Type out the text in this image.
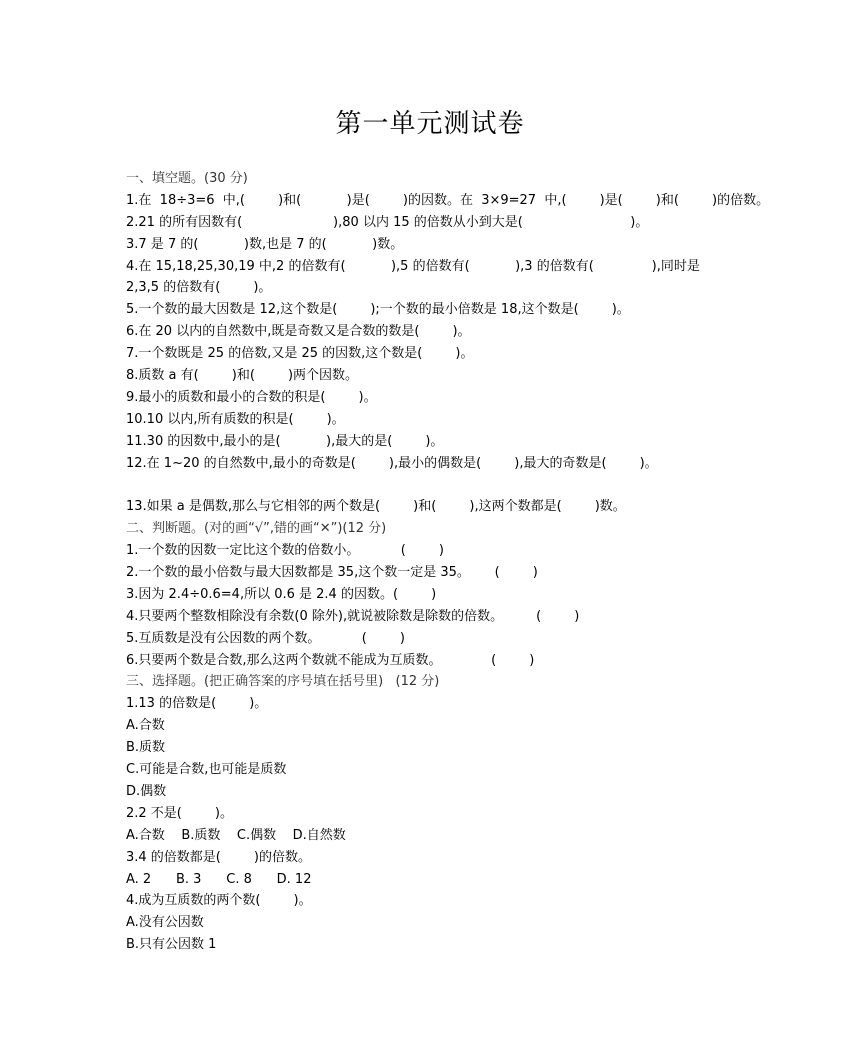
第一单元测试卷
一、填空题。(30 分)
1.在  18÷3=6  中,(        )和(           )是(        )的因数。在  3×9=27  中,(        )是(        )和(        )的倍数。
2.21 的所有因数有(                      ),80 以内 15 的倍数从小到大是(                          )。
3.7 是 7 的(           )数,也是 7 的(           )数。
4.在 15,18,25,30,19 中,2 的倍数有(           ),5 的倍数有(           ),3 的倍数有(              ),同时是
2,3,5 的倍数有(        )。
5.一个数的最大因数是 12,这个数是(        );一个数的最小倍数是 18,这个数是(        )。
6.在 20 以内的自然数中,既是奇数又是合数的数是(        )。
7.一个数既是 25 的倍数,又是 25 的因数,这个数是(        )。
8.质数 a 有(        )和(        )两个因数。
9.最小的质数和最小的合数的积是(        )。
10.10 以内,所有质数的积是(        )。
11.30 的因数中,最小的是(           ),最大的是(        )。
12.在 1~20 的自然数中,最小的奇数是(        ),最小的偶数是(        ),最大的奇数是(        )。
13.如果 a 是偶数,那么与它相邻的两个数是(        )和(        ),这两个数都是(        )数。
二、判断题。(对的画“√”,错的画“✕”)(12 分)
1.一个数的因数一定比这个数的倍数小。          (        )
2.一个数的最小倍数与最大因数都是 35,这个数一定是 35。      (        )
3.因为 2.4÷0.6=4,所以 0.6 是 2.4 的因数。(        )
4.只要两个整数相除没有余数(0 除外),就说被除数是除数的倍数。        (        )
5.互质数是没有公因数的两个数。          (        )
6.只要两个数是合数,那么这两个数就不能成为互质数。            (        )
三、选择题。(把正确答案的序号填在括号里)   (12 分)
1.13 的倍数是(        )。
A.合数
B.质数
C.可能是合数,也可能是质数
D.偶数
2.2 不是(        )。
A.合数    B.质数    C.偶数    D.自然数
3.4 的倍数都是(        )的倍数。
A. 2      B. 3      C. 8      D. 12
4.成为互质数的两个数(        )。
A.没有公因数
B.只有公因数 1
